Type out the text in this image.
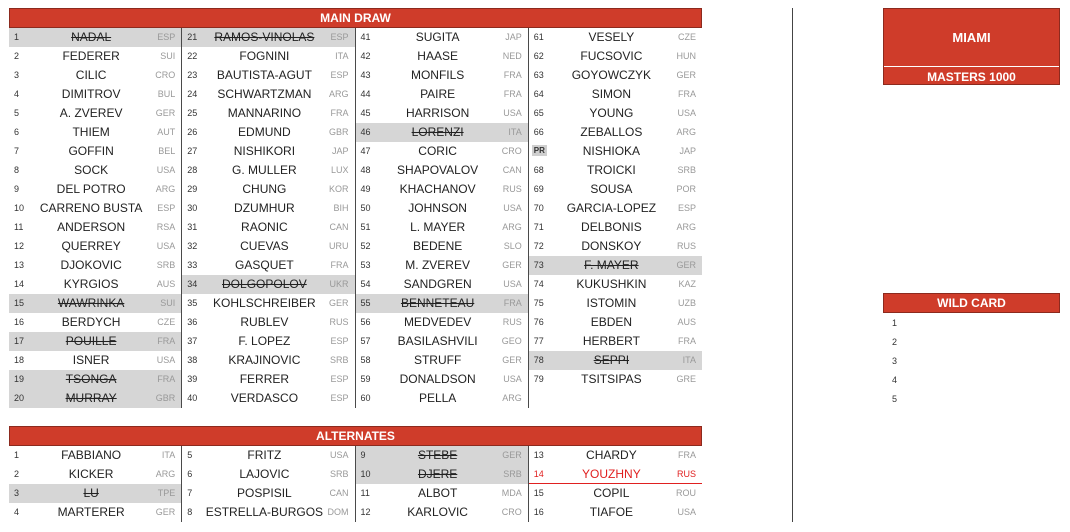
MAIN DRAW
1	NADAL	ESP
2	FEDERER	SUI
3	CILIC	CRO
4	DIMITROV	BUL
5	A. ZVEREV	GER
6	THIEM	AUT
7	GOFFIN	BEL
8	SOCK	USA
9	DEL POTRO	ARG
10	CARRENO BUSTA	ESP
11	ANDERSON	RSA
12	QUERREY	USA
13	DJOKOVIC	SRB
14	KYRGIOS	AUS
15	WAWRINKA	SUI
16	BERDYCH	CZE
17	POUILLE	FRA
18	ISNER	USA
19	TSONGA	FRA
20	MURRAY	GBR
21	RAMOS-VINOLAS	ESP
22	FOGNINI	ITA
23	BAUTISTA-AGUT	ESP
24	SCHWARTZMAN	ARG
25	MANNARINO	FRA
26	EDMUND	GBR
27	NISHIKORI	JAP
28	G. MULLER	LUX
29	CHUNG	KOR
30	DZUMHUR	BIH
31	RAONIC	CAN
32	CUEVAS	URU
33	GASQUET	FRA
34	DOLGOPOLOV	UKR
35	KOHLSCHREIBER	GER
36	RUBLEV	RUS
37	F. LOPEZ	ESP
38	KRAJINOVIC	SRB
39	FERRER	ESP
40	VERDASCO	ESP
41	SUGITA	JAP
42	HAASE	NED
43	MONFILS	FRA
44	PAIRE	FRA
45	HARRISON	USA
46	LORENZI	ITA
47	CORIC	CRO
48	SHAPOVALOV	CAN
49	KHACHANOV	RUS
50	JOHNSON	USA
51	L. MAYER	ARG
52	BEDENE	SLO
53	M. ZVEREV	GER
54	SANDGREN	USA
55	BENNETEAU	FRA
56	MEDVEDEV	RUS
57	BASILASHVILI	GEO
58	STRUFF	GER
59	DONALDSON	USA
60	PELLA	ARG
61	VESELY	CZE
62	FUCSOVIC	HUN
63	GOYOWCZYK	GER
64	SIMON	FRA
65	YOUNG	USA
66	ZEBALLOS	ARG
PR	NISHIOKA	JAP
68	TROICKI	SRB
69	SOUSA	POR
70	GARCIA-LOPEZ	ESP
71	DELBONIS	ARG
72	DONSKOY	RUS
73	F. MAYER	GER
74	KUKUSHKIN	KAZ
75	ISTOMIN	UZB
76	EBDEN	AUS
77	HERBERT	FRA
78	SEPPI	ITA
79	TSITSIPAS	GRE
ALTERNATES
1	FABBIANO	ITA
2	KICKER	ARG
3	LU	TPE
4	MARTERER	GER
5	FRITZ	USA
6	LAJOVIC	SRB
7	POSPISIL	CAN
8	ESTRELLA-BURGOS DOM
9	STEBE	GER
10	DJERE	SRB
11	ALBOT	MDA
12	KARLOVIC	CRO
13	CHARDY	FRA
14	YOUZHNY	RUS
15	COPIL	ROU
16	TIAFOE	USA
MIAMI
MASTERS 1000
WILD CARD
1
2
3
4
5
